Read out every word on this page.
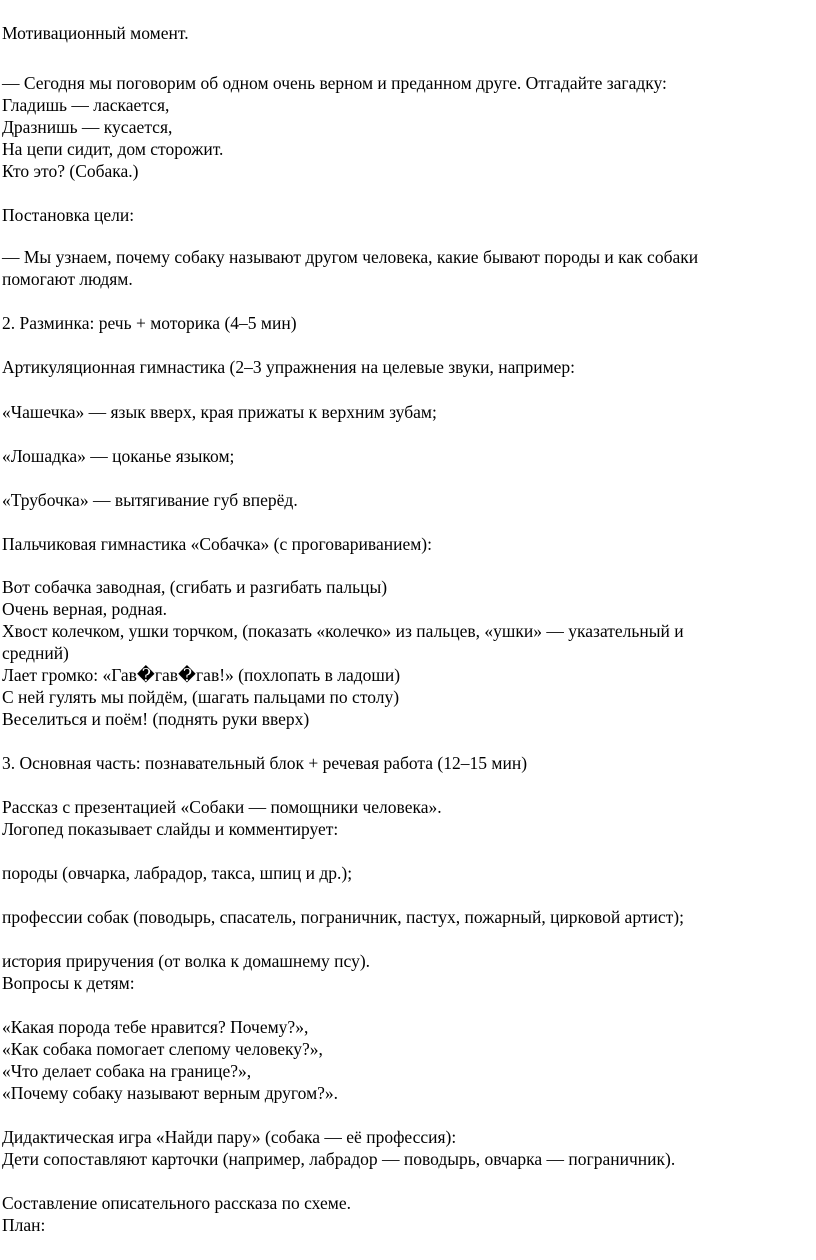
Мотивационный момент.
— Сегодня мы поговорим об одном очень верном и преданном друге. Отгадайте загадку:
Гладишь — ласкается,
Дразнишь — кусается,
На цепи сидит, дом сторожит.
Кто это? (Собака.)
Постановка цели:
— Мы узнаем, почему собаку называют другом человека, какие бывают породы и как собаки
помогают людям.
2. Разминка: речь + моторика (4–5 мин)
Артикуляционная гимнастика (2–3 упражнения на целевые звуки, например:
«Чашечка» — язык вверх, края прижаты к верхним зубам;
«Лошадка» — цоканье языком;
«Трубочка» — вытягивание губ вперёд.
Пальчиковая гимнастика «Собачка» (с проговариванием):
Вот собачка заводная, (сгибать и разгибать пальцы)
Очень верная, родная.
Хвост колечком, ушки торчком, (показать «колечко» из пальцев, «ушки» — указательный и
средний)
Лает громко: «Гав�гав�гав!» (похлопать в ладоши)
С ней гулять мы пойдём, (шагать пальцами по столу)
Веселиться и поём! (поднять руки вверх)
3. Основная часть: познавательный блок + речевая работа (12–15 мин)
Рассказ с презентацией «Собаки — помощники человека».
Логопед показывает слайды и комментирует:
породы (овчарка, лабрадор, такса, шпиц и др.);
профессии собак (поводырь, спасатель, пограничник, пастух, пожарный, цирковой артист);
история приручения (от волка к домашнему псу).
Вопросы к детям:
«Какая порода тебе нравится? Почему?»,
«Как собака помогает слепому человеку?»,
«Что делает собака на границе?»,
«Почему собаку называют верным другом?».
Дидактическая игра «Найди пару» (собака — её профессия):
Дети сопоставляют карточки (например, лабрадор — поводырь, овчарка — пограничник).
Составление описательного рассказа по схеме.
План:
